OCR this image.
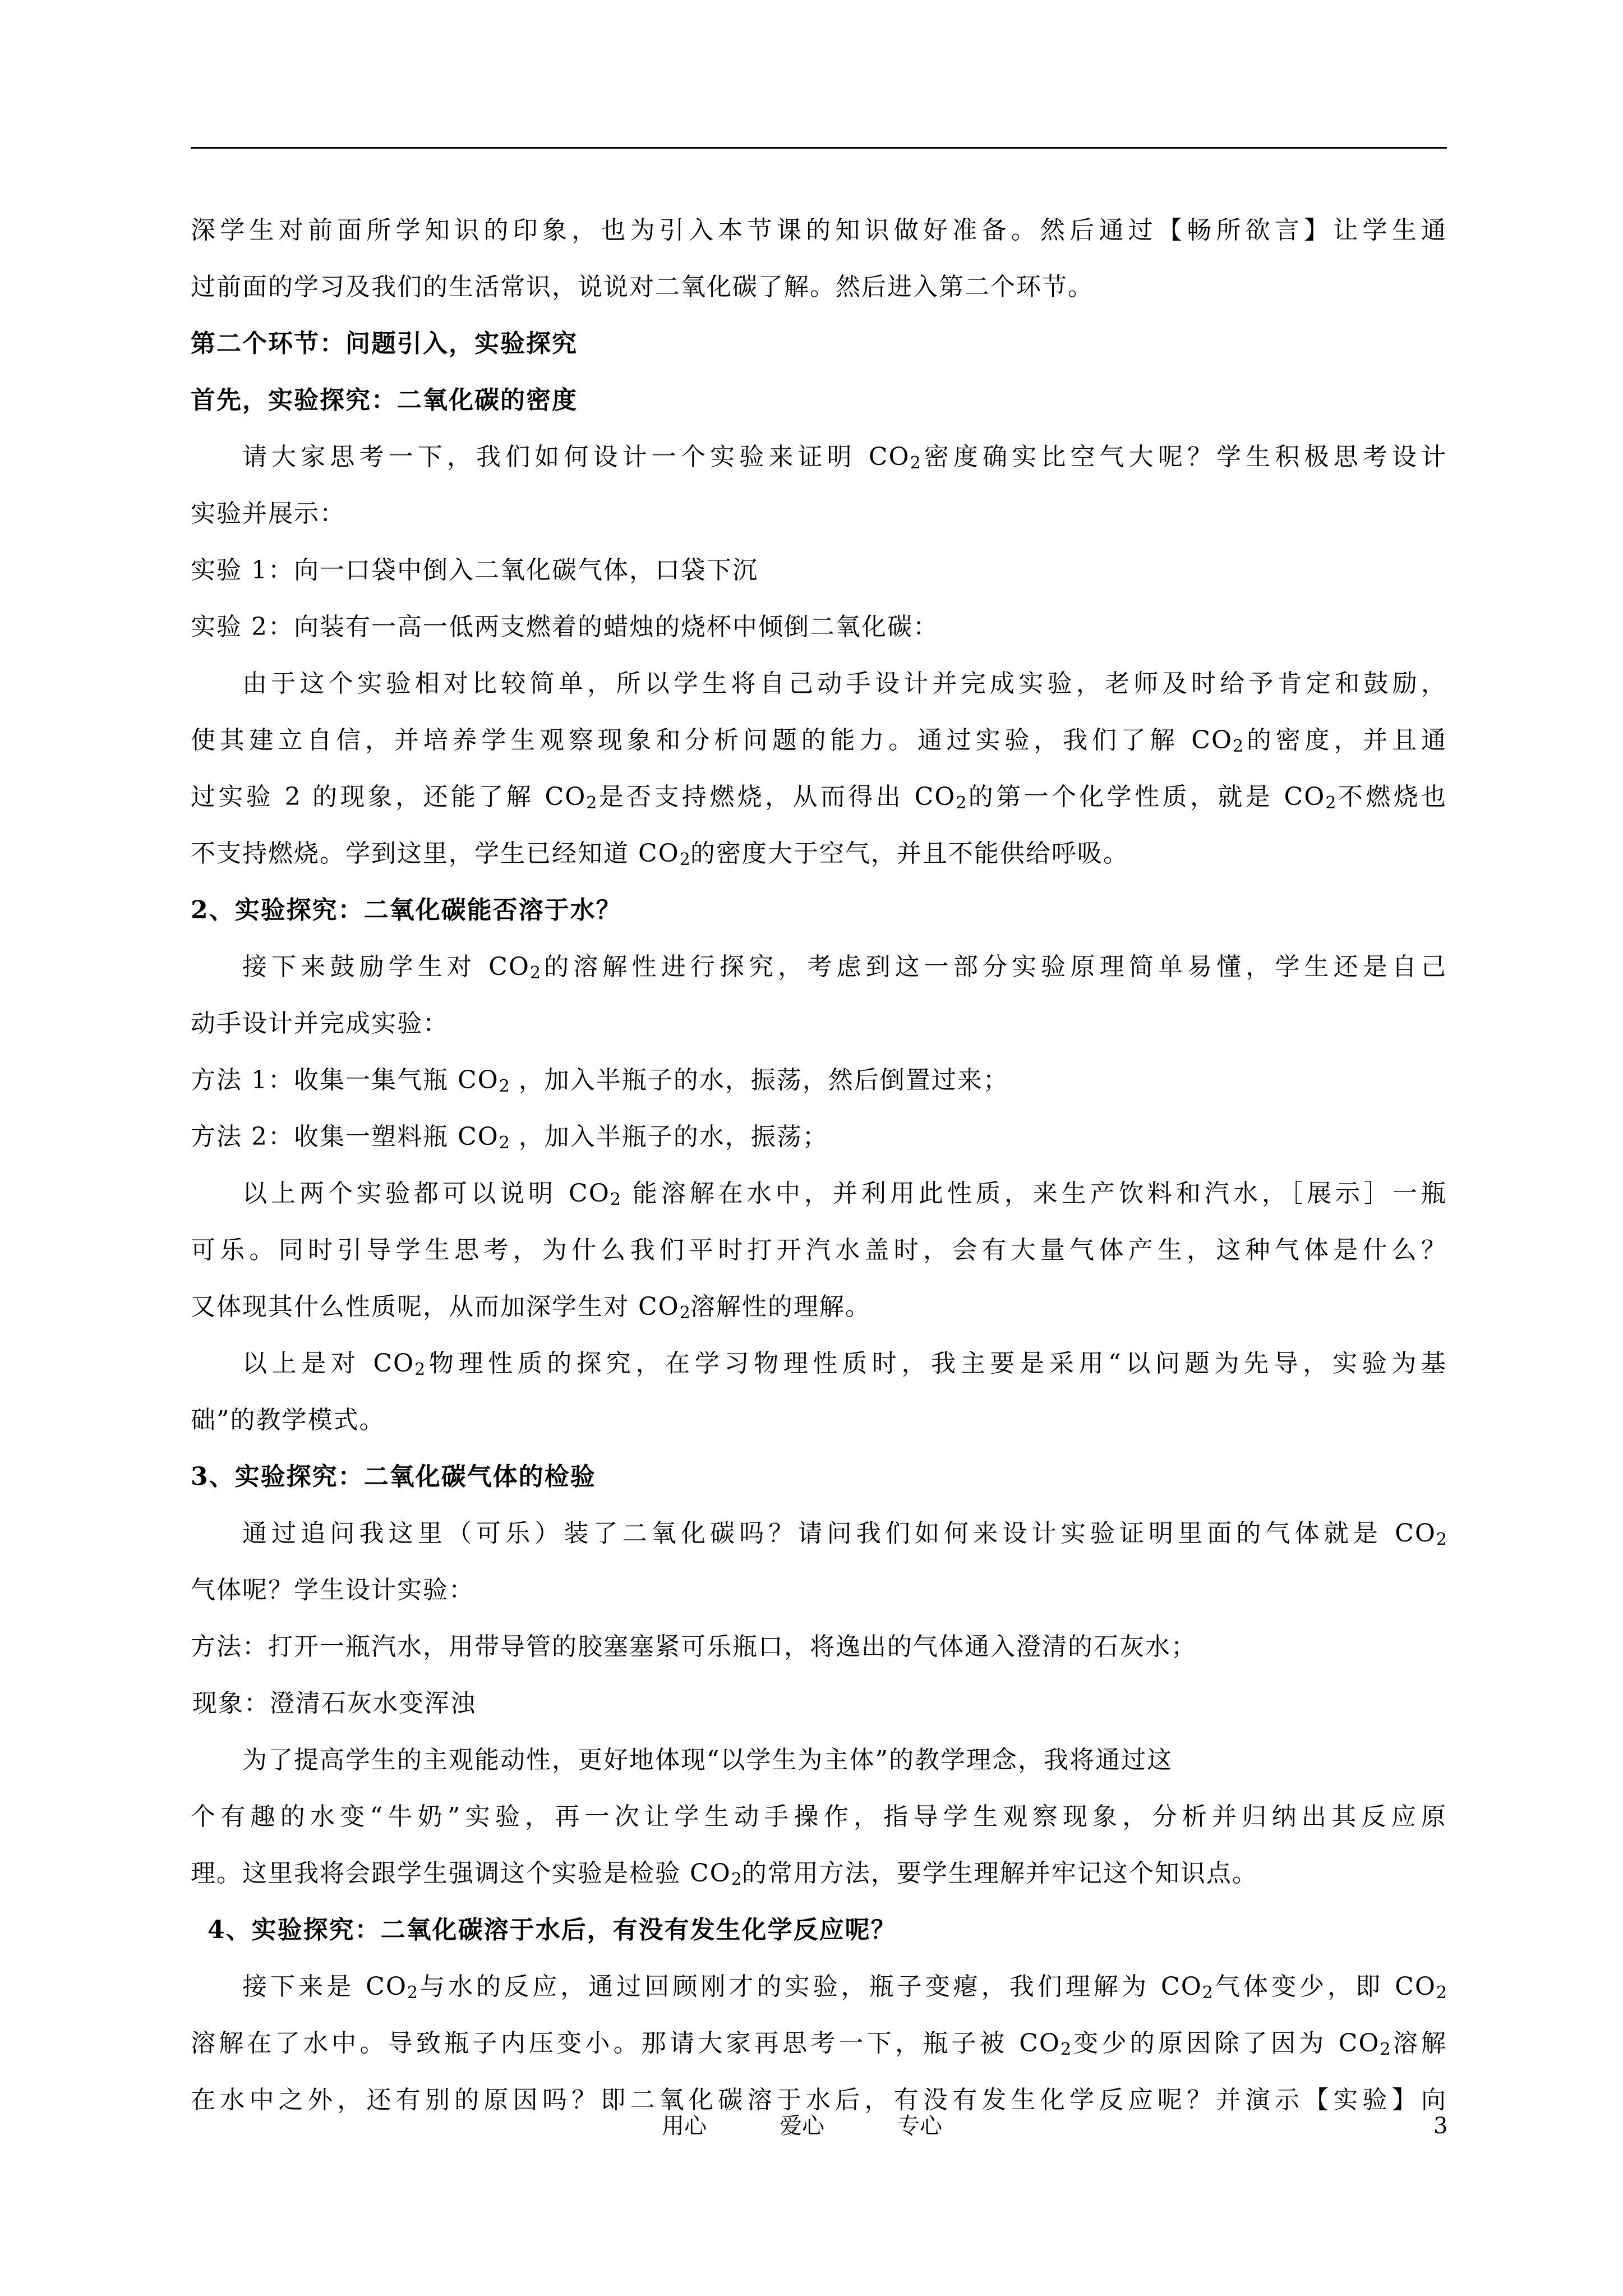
深学生对前面所学知识的印象，也为引入本节课的知识做好准备。然后通过【畅所欲言】让学生通
过前面的学习及我们的生活常识，说说对二氧化碳了解。然后进入第二个环节。
第二个环节：问题引入，实验探究
首先，实验探究：二氧化碳的密度
请大家思考一下，我们如何设计一个实验来证明 $CO_2$密度确实比空气大呢？学生积极思考设计
实验并展示：
实验 1：向一口袋中倒入二氧化碳气体，口袋下沉
实验 2：向装有一高一低两支燃着的蜡烛的烧杯中倾倒二氧化碳：
由于这个实验相对比较简单，所以学生将自己动手设计并完成实验，老师及时给予肯定和鼓励，
使其建立自信，并培养学生观察现象和分析问题的能力。通过实验，我们了解 $CO_2$的密度，并且通
过实验 2 的现象，还能了解 $CO_2$是否支持燃烧，从而得出 $CO_2$的第一个化学性质，就是 $CO_2$不燃烧也
不支持燃烧。学到这里，学生已经知道 $CO_2$的密度大于空气，并且不能供给呼吸。
2、实验探究：二氧化碳能否溶于水？
接下来鼓励学生对 $CO_2$的溶解性进行探究，考虑到这一部分实验原理简单易懂，学生还是自己
动手设计并完成实验：
方法 1：收集一集气瓶 $CO_2$ ，加入半瓶子的水，振荡，然后倒置过来；
方法 2：收集一塑料瓶 $CO_2$ ，加入半瓶子的水，振荡；
以上两个实验都可以说明 $CO_2$ 能溶解在水中，并利用此性质，来生产饮料和汽水，［展示］一瓶
可乐。同时引导学生思考，为什么我们平时打开汽水盖时，会有大量气体产生，这种气体是什么？
又体现其什么性质呢，从而加深学生对 $CO_2$溶解性的理解。
以上是对 $CO_2$物理性质的探究，在学习物理性质时，我主要是采用“以问题为先导，实验为基
础”的教学模式。
3、实验探究：二氧化碳气体的检验
通过追问我这里（可乐）装了二氧化碳吗？请问我们如何来设计实验证明里面的气体就是 $CO_2$
气体呢？学生设计实验：
方法：打开一瓶汽水，用带导管的胶塞塞紧可乐瓶口，将逸出的气体通入澄清的石灰水；
现象：澄清石灰水变浑浊
为了提高学生的主观能动性，更好地体现“以学生为主体”的教学理念，我将通过这
个有趣的水变“牛奶”实验，再一次让学生动手操作，指导学生观察现象，分析并归纳出其反应原
理。这里我将会跟学生强调这个实验是检验 $CO_2$的常用方法，要学生理解并牢记这个知识点。
4、实验探究：二氧化碳溶于水后，有没有发生化学反应呢？
接下来是 $CO_2$与水的反应，通过回顾刚才的实验，瓶子变瘪，我们理解为 $CO_2$气体变少，即 $CO_2$
溶解在了水中。导致瓶子内压变小。那请大家再思考一下，瓶子被 $CO_2$变少的原因除了因为 $CO_2$溶解
在水中之外，还有别的原因吗？即二氧化碳溶于水后，有没有发生化学反应呢？并演示【实验】向
用心	爱心	专心	3
